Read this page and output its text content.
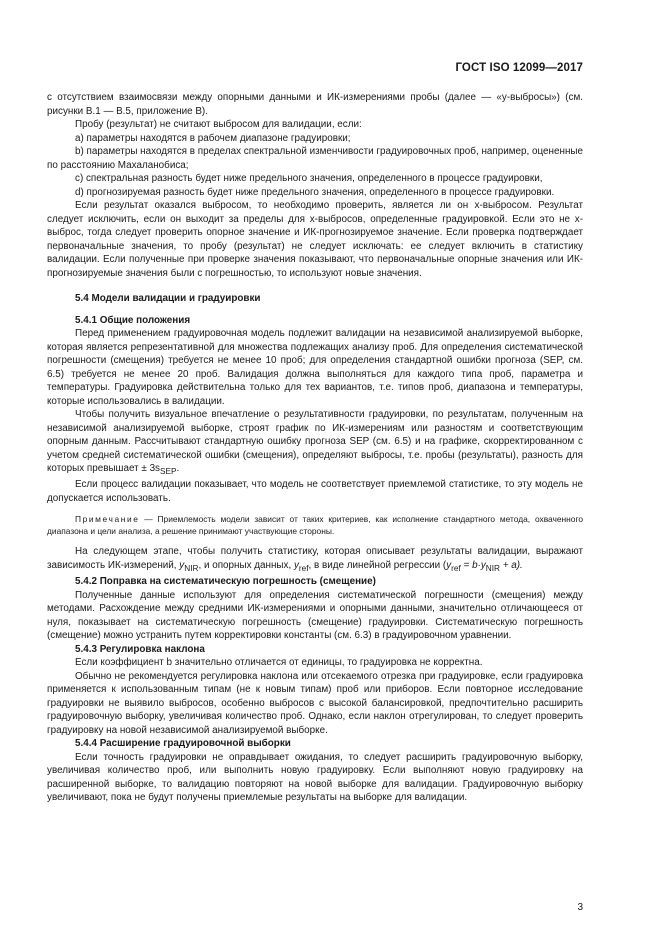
ГОСТ ISO 12099—2017

с отсутствием взаимосвязи между опорными данными и ИК-измерениями пробы (далее — «y-выбросы») (см. рисунки В.1 — В.5, приложение В).

Пробу (результат) не считают выбросом для валидации, если:

а) параметры находятся в рабочем диапазоне градуировки;

b) параметры находятся в пределах спектральной изменчивости градуировочных проб, например, оцененные по расстоянию Махаланобиса;

с) спектральная разность будет ниже предельного значения, определенного в процессе градуировки,

d) прогнозируемая разность будет ниже предельного значения, определенного в процессе градуировки.

Если результат оказался выбросом, то необходимо проверить, является ли он x-выбросом. Результат следует исключить, если он выходит за пределы для x-выбросов, определенные градуировкой. Если это не x-выброс, тогда следует проверить опорное значение и ИК-прогнозируемое значение. Если проверка подтверждает первоначальные значения, то пробу (результат) не следует исключать: ее следует включить в статистику валидации. Если полученные при проверке значения показывают, что первоначальные опорные значения или ИК-прогнозируемые значения были с погрешностью, то используют новые значения.

5.4 Модели валидации и градуировки

5.4.1 Общие положения

Перед применением градуировочная модель подлежит валидации на независимой анализируемой выборке, которая является репрезентативной для множества подлежащих анализу проб. Для определения систематической погрешности (смещения) требуется не менее 10 проб; для определения стандартной ошибки прогноза (SEP, см. 6.5) требуется не менее 20 проб. Валидация должна выполняться для каждого типа проб, параметра и температуры. Градуировка действительна только для тех вариантов, т.е. типов проб, диапазона и температуры, которые использовались в валидации.

Чтобы получить визуальное впечатление о результативности градуировки, по результатам, полученным на независимой анализируемой выборке, строят график по ИК-измерениям или разностям и соответствующим опорным данным. Рассчитывают стандартную ошибку прогноза SEP (см. 6.5) и на графике, скорректированном с учетом средней систематической ошибки (смещения), определяют выбросы, т.е. пробы (результаты), разность для которых превышает ± $3s_{SEP}$.

Если процесс валидации показывает, что модель не соответствует приемлемой статистике, то эту модель не допускается использовать.

Примечание — Приемлемость модели зависит от таких критериев, как исполнение стандартного метода, охваченного диапазона и цели анализа, а решение принимают участвующие стороны.

На следующем этапе, чтобы получить статистику, которая описывает результаты валидации, выражают зависимость ИК-измерений, $y_{NIR}$, и опорных данных, $y_{ref}$, в виде линейной регрессии $(y_{ref} = b\cdot y_{NIR} + a)$.

5.4.2 Поправка на систематическую погрешность (смещение)

Полученные данные используют для определения систематической погрешности (смещения) между методами. Расхождение между средними ИК-измерениями и опорными данными, значительно отличающееся от нуля, показывает на систематическую погрешность (смещение) градуировки. Систематическую погрешность (смещение) можно устранить путем корректировки константы (см. 6.3) в градуировочном уравнении.

5.4.3 Регулировка наклона

Если коэффициент b значительно отличается от единицы, то градуировка не корректна.

Обычно не рекомендуется регулировка наклона или отсекаемого отрезка при градуировке, если градуировка применяется к использованным типам (не к новым типам) проб или приборов. Если повторное исследование градуировки не выявило выбросов, особенно выбросов с высокой балансировкой, предпочтительно расширить градуировочную выборку, увеличивая количество проб. Однако, если наклон отрегулирован, то следует проверить градуировку на новой независимой анализируемой выборке.

5.4.4 Расширение градуировочной выборки

Если точность градуировки не оправдывает ожидания, то следует расширить градуировочную выборку, увеличивая количество проб, или выполнить новую градуировку. Если выполняют новую градуировку на расширенной выборке, то валидацию повторяют на новой выборке для валидации. Градуировочную выборку увеличивают, пока не будут получены приемлемые результаты на выборке для валидации.

3
